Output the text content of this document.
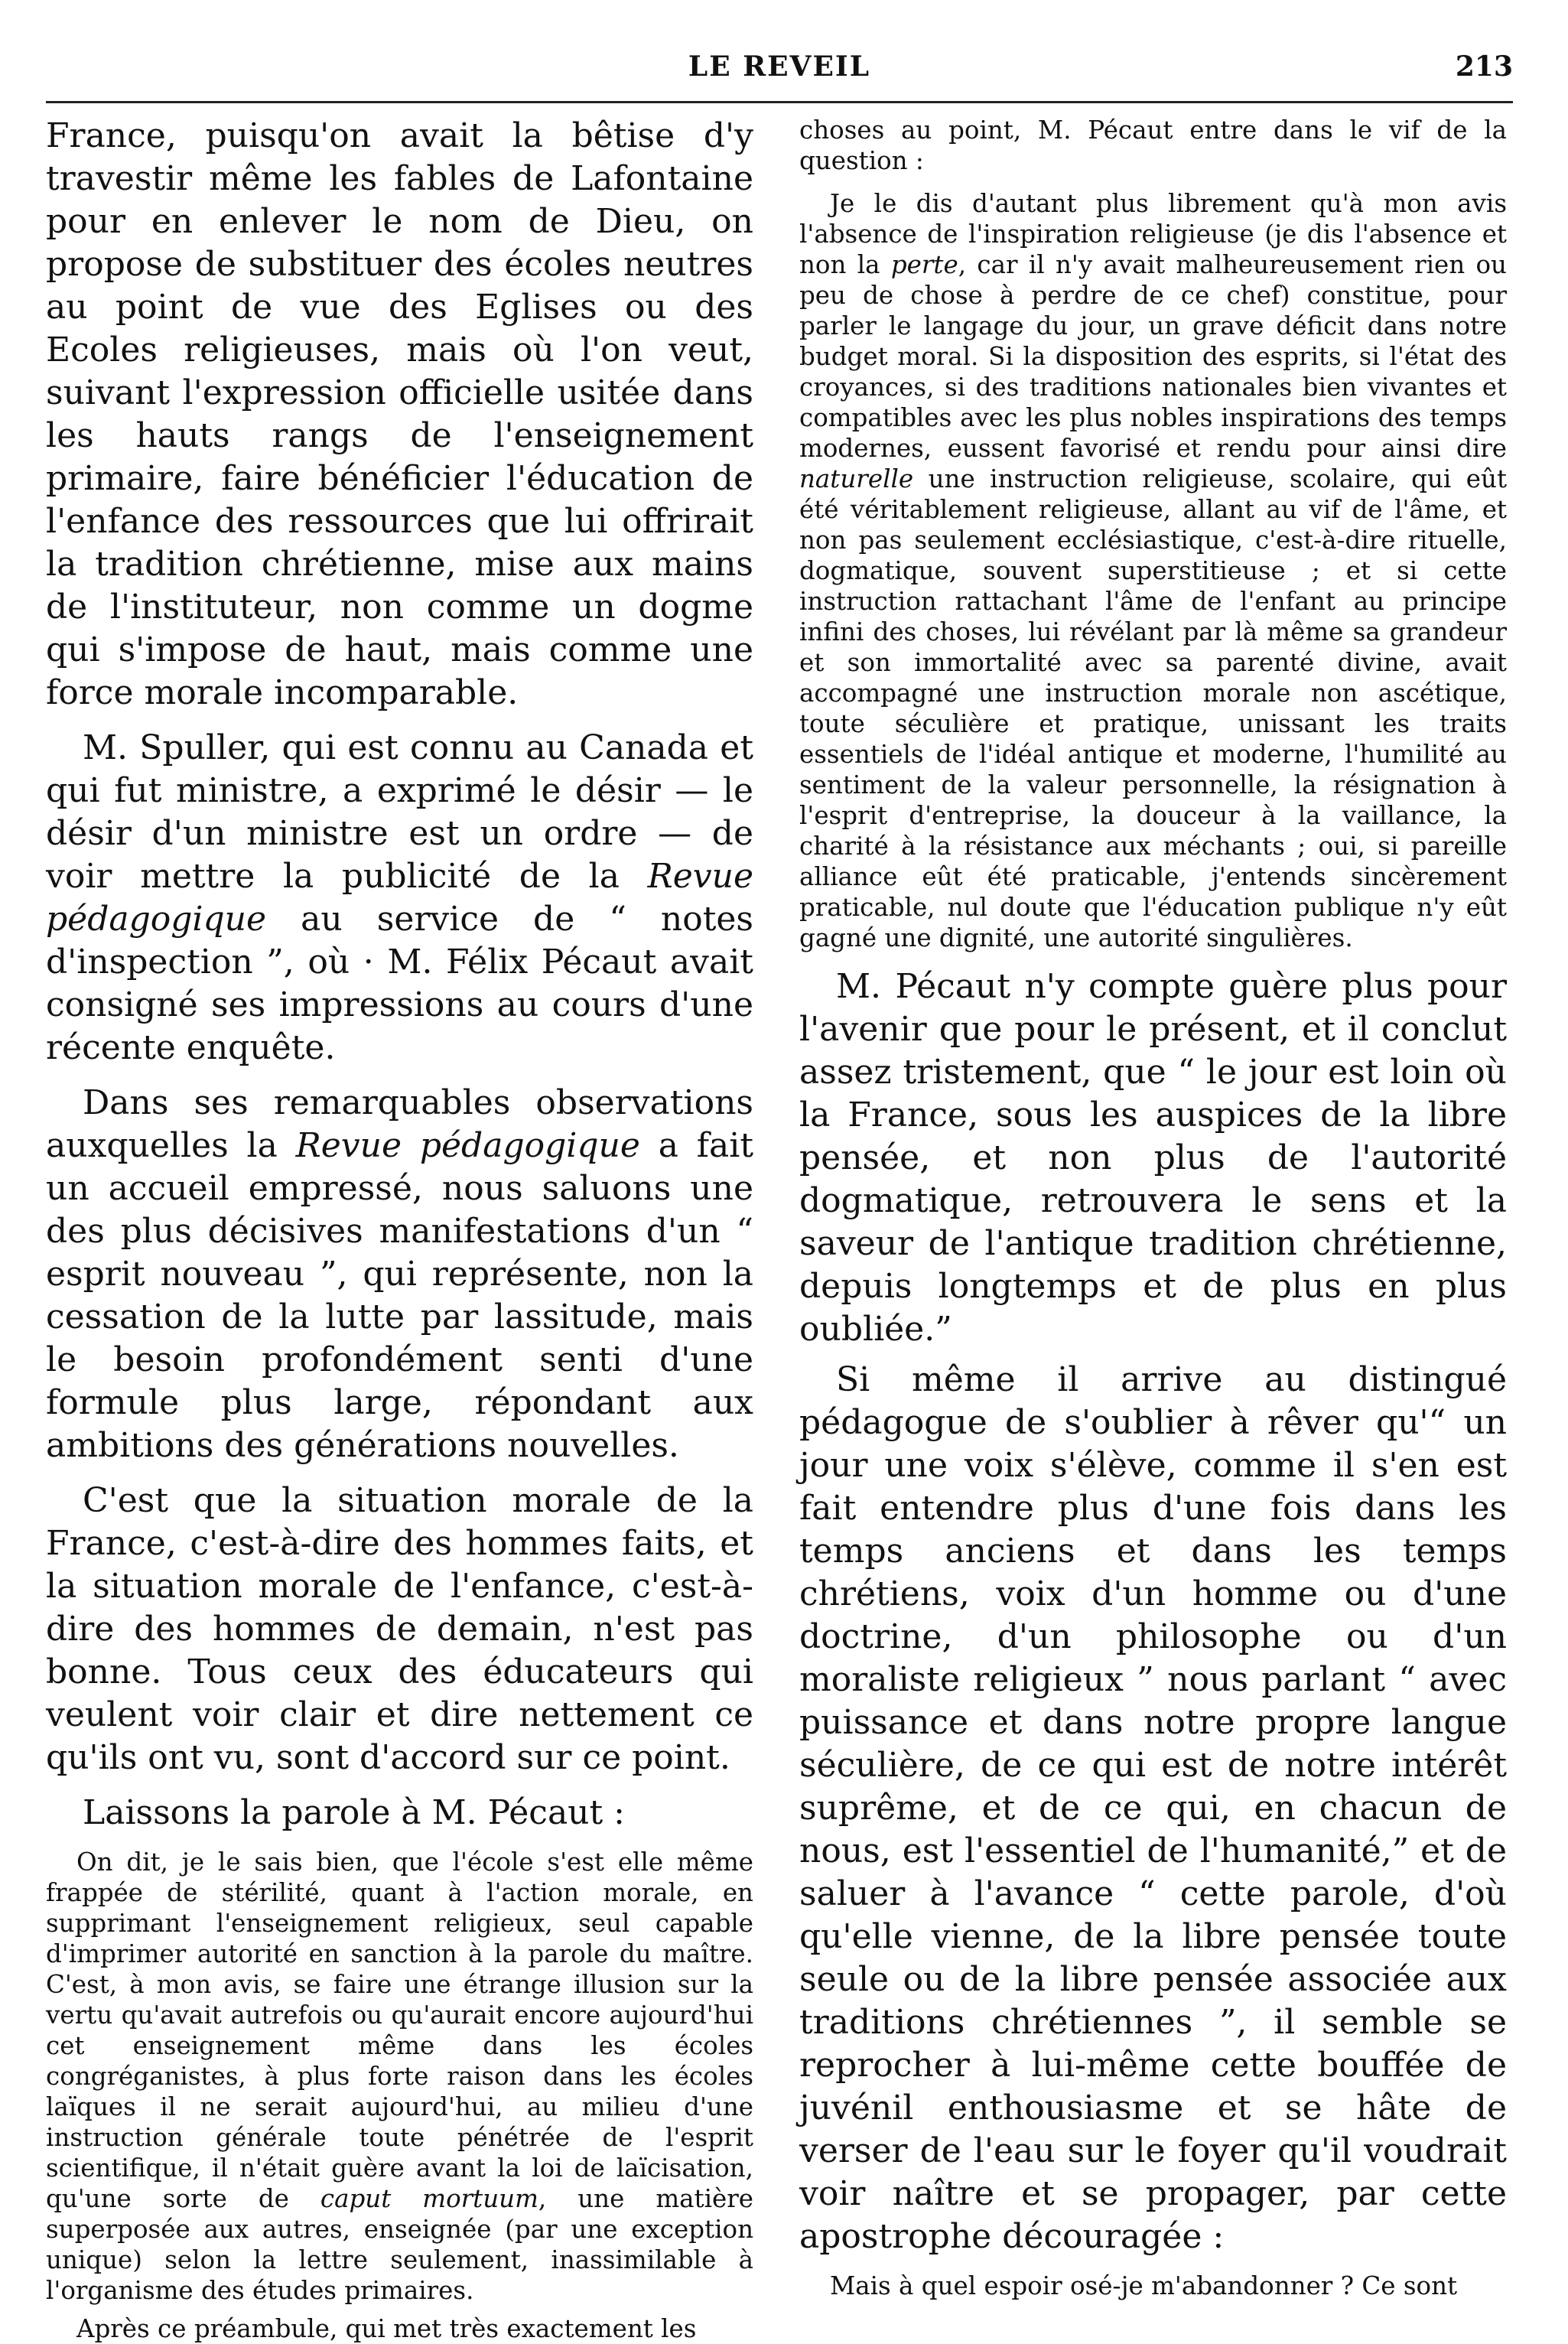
LE REVEIL	213

France, puisqu'on avait la bêtise d'y travestir même les fables de Lafontaine pour en enlever le nom de Dieu, on propose de substituer des écoles neutres au point de vue des Eglises ou des Ecoles religieuses, mais où l'on veut, suivant l'expression officielle usitée dans les hauts rangs de l'enseignement primaire, faire bénéficier l'éducation de l'enfance des ressources que lui offrirait la tradition chrétienne, mise aux mains de l'instituteur, non comme un dogme qui s'impose de haut, mais comme une force morale incomparable.

M. Spuller, qui est connu au Canada et qui fut ministre, a exprimé le désir — le désir d'un ministre est un ordre — de voir mettre la publicité de la Revue pédagogique au service de “ notes d'inspection ”, où · M. Félix Pécaut avait consigné ses impressions au cours d'une récente enquête.

Dans ses remarquables observations auxquelles la Revue pédagogique a fait un accueil empressé, nous saluons une des plus décisives manifestations d'un “ esprit nouveau ”, qui représente, non la cessation de la lutte par lassitude, mais le besoin profondément senti d'une formule plus large, répondant aux ambitions des générations nouvelles.

C'est que la situation morale de la France, c'est-à-dire des hommes faits, et la situation morale de l'enfance, c'est-à-dire des hommes de demain, n'est pas bonne. Tous ceux des éducateurs qui veulent voir clair et dire nettement ce qu'ils ont vu, sont d'accord sur ce point.

Laissons la parole à M. Pécaut :

On dit, je le sais bien, que l'école s'est elle même frappée de stérilité, quant à l'action morale, en supprimant l'enseignement religieux, seul capable d'imprimer autorité en sanction à la parole du maître. C'est, à mon avis, se faire une étrange illusion sur la vertu qu'avait autrefois ou qu'aurait encore aujourd'hui cet enseignement même dans les écoles congréganistes, à plus forte raison dans les écoles laïques il ne serait aujourd'hui, au milieu d'une instruction générale toute pénétrée de l'esprit scientifique, il n'était guère avant la loi de laïcisation, qu'une sorte de caput mortuum, une matière superposée aux autres, enseignée (par une exception unique) selon la lettre seulement, inassimilable à l'organisme des études primaires.

Après ce préambule, qui met très exactement les

choses au point, M. Pécaut entre dans le vif de la question :

Je le dis d'autant plus librement qu'à mon avis l'absence de l'inspiration religieuse (je dis l'absence et non la perte, car il n'y avait malheureusement rien ou peu de chose à perdre de ce chef) constitue, pour parler le langage du jour, un grave déficit dans notre budget moral. Si la disposition des esprits, si l'état des croyances, si des traditions nationales bien vivantes et compatibles avec les plus nobles inspirations des temps modernes, eussent favorisé et rendu pour ainsi dire naturelle une instruction religieuse, scolaire, qui eût été véritablement religieuse, allant au vif de l'âme, et non pas seulement ecclésiastique, c'est-à-dire rituelle, dogmatique, souvent superstitieuse ; et si cette instruction rattachant l'âme de l'enfant au principe infini des choses, lui révélant par là même sa grandeur et son immortalité avec sa parenté divine, avait accompagné une instruction morale non ascétique, toute séculière et pratique, unissant les traits essentiels de l'idéal antique et moderne, l'humilité au sentiment de la valeur personnelle, la résignation à l'esprit d'entreprise, la douceur à la vaillance, la charité à la résistance aux méchants ; oui, si pareille alliance eût été praticable, j'entends sincèrement praticable, nul doute que l'éducation publique n'y eût gagné une dignité, une autorité singulières.

M. Pécaut n'y compte guère plus pour l'avenir que pour le présent, et il conclut assez tristement, que “ le jour est loin où la France, sous les auspices de la libre pensée, et non plus de l'autorité dogmatique, retrouvera le sens et la saveur de l'antique tradition chrétienne, depuis longtemps et de plus en plus oubliée.”

Si même il arrive au distingué pédagogue de s'oublier à rêver qu'“ un jour une voix s'élève, comme il s'en est fait entendre plus d'une fois dans les temps anciens et dans les temps chrétiens, voix d'un homme ou d'une doctrine, d'un philosophe ou d'un moraliste religieux ” nous parlant “ avec puissance et dans notre propre langue séculière, de ce qui est de notre intérêt suprême, et de ce qui, en chacun de nous, est l'essentiel de l'humanité,” et de saluer à l'avance “ cette parole, d'où qu'elle vienne, de la libre pensée toute seule ou de la libre pensée associée aux traditions chrétiennes ”, il semble se reprocher à lui-même cette bouffée de juvénil enthousiasme et se hâte de verser de l'eau sur le foyer qu'il voudrait voir naître et se propager, par cette apostrophe découragée :

Mais à quel espoir osé-je m'abandonner ? Ce sont
